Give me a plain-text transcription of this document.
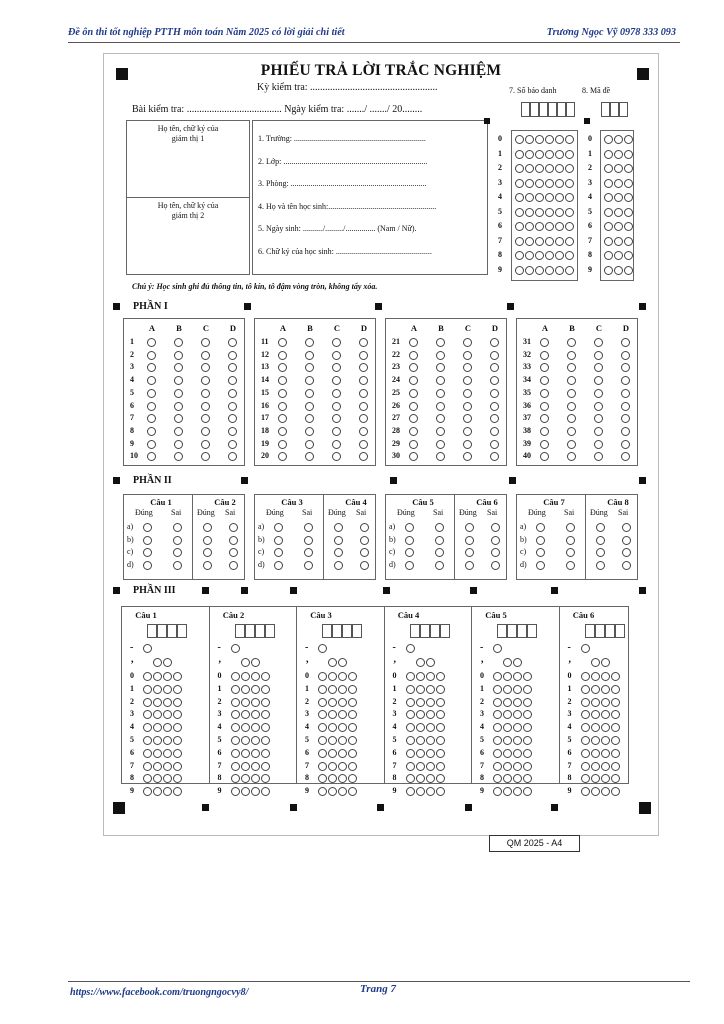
Đề ôn thi tốt nghiệp PTTH môn toán Năm 2025 có lời giải chi tiết	Trương Ngọc Vỹ 0978 333 093
PHIẾU TRẢ LỜI TRẮC NGHIỆM
Kỳ kiểm tra: ...................................................
Bài kiểm tra: ...................................... Ngày kiểm tra: ......./ ......./ 20........
7. Số báo danh	8. Mã đề
Họ tên, chữ ký của giám thị 1
Họ tên, chữ ký của giám thị 2
1. Trường: ..................................................................
2. Lớp: ........................................................................
3. Phòng: ....................................................................
4. Họ và tên học sinh:......................................................
5. Ngày sinh: ........../........./............... (Nam / Nữ).
6. Chữ ký của học sinh: ................................................
Chú ý: Học sinh ghi đủ thông tin, tô kín, tô đậm vòng tròn, không tẩy xóa.
0	0
1	1
2	2
3	3
4	4
5	5
6	6
7	7
8	8
9	9
PHẦN I
A	B	C	D
1
2
3
4
5
6
7
8
9
10
A	B	C	D
11
12
13
14
15
16
17
18
19
20
A	B	C	D
21
22
23
24
25
26
27
28
29
30
A	B	C	D
31
32
33
34
35
36
37
38
39
40
PHẦN II
Câu 1
Đúng Sai
a)
b)
c)
d)
Câu 2
Đúng Sai
Câu 3
Đúng Sai
a)
b)
c)
d)
Câu 4
Đúng Sai
Câu 5
Đúng Sai
a)
b)
c)
d)
Câu 6
Đúng Sai
Câu 7
Đúng Sai
a)
b)
c)
d)
Câu 8
Đúng Sai
PHẦN III
Câu 1
-
,
0
1
2
3
4
5
6
7
8
9
Câu 2
-
,
0
1
2
3
4
5
6
7
8
9
Câu 3
-
,
0
1
2
3
4
5
6
7
8
9
Câu 4
-
,
0
1
2
3
4
5
6
7
8
9
Câu 5
-
,
0
1
2
3
4
5
6
7
8
9
Câu 6
-
,
0
1
2
3
4
5
6
7
8
9
QM 2025 - A4
https://www.facebook.com/truongngocvy8/	Trang 7
